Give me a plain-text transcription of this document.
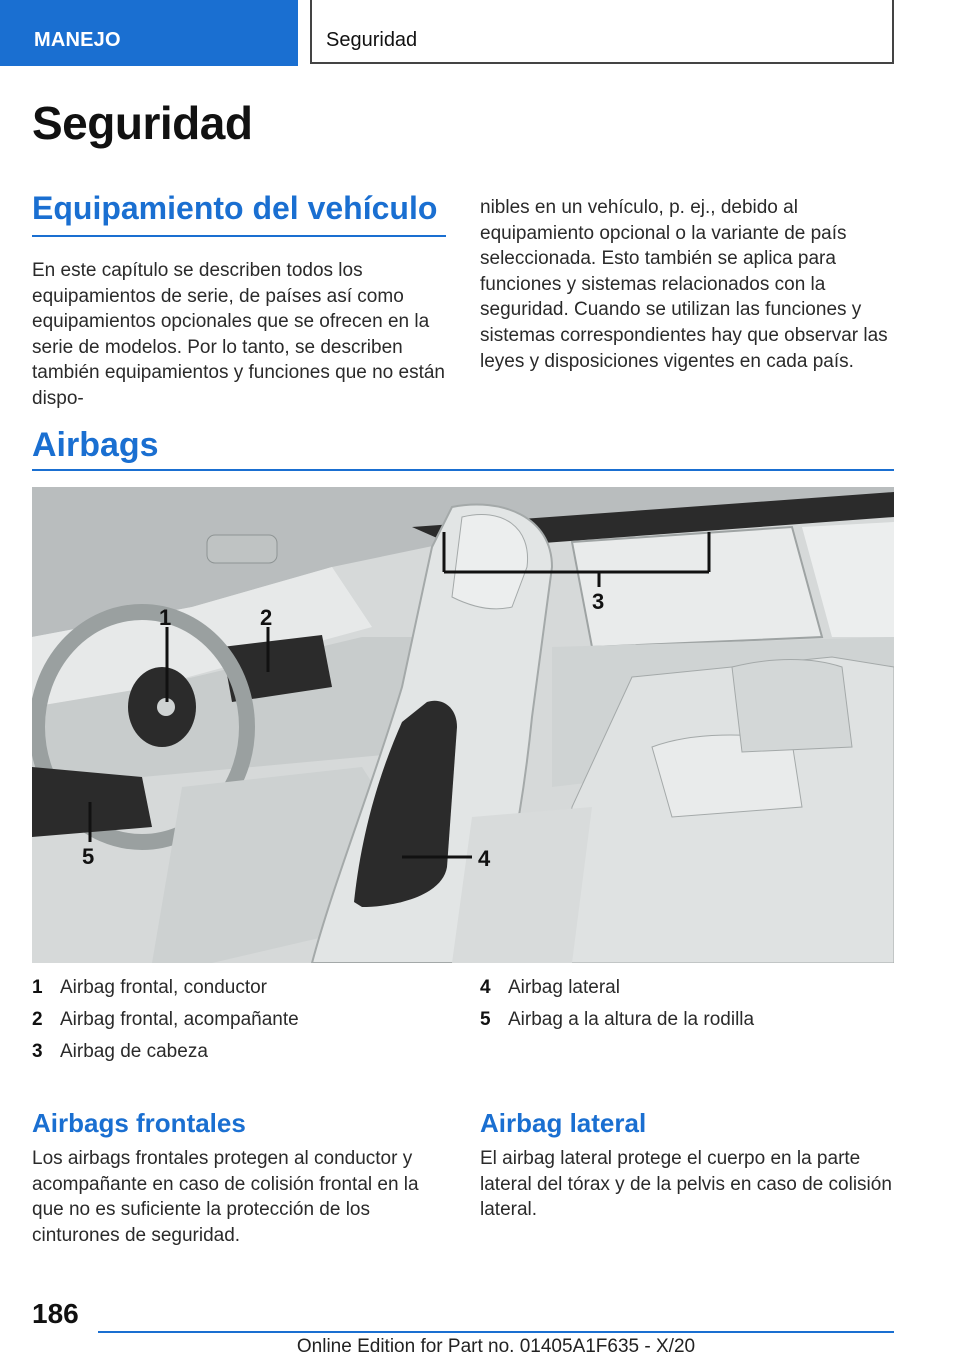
MANEJO	Seguridad
Seguridad
Equipamiento del vehículo

En este capítulo se describen todos los equipamientos de serie, de países así como equipamientos opcionales que se ofrecen en la serie de modelos. Por lo tanto, se describen también equipamientos y funciones que no están dispo-

nibles en un vehículo, p. ej., debido al equipamiento opcional o la variante de país seleccionada. Esto también se aplica para funciones y sistemas relacionados con la seguridad. Cuando se utilizan las funciones y sistemas correspondientes hay que observar las leyes y disposiciones vigentes en cada país.

Airbags
1	2
3
4
5
1 Airbag frontal, conductor
2 Airbag frontal, acompañante
3 Airbag de cabeza
4 Airbag lateral
5 Airbag a la altura de la rodilla
Airbags frontales

Los airbags frontales protegen al conductor y acompañante en caso de colisión frontal en la que no es suficiente la protección de los cinturones de seguridad.

Airbag lateral

El airbag lateral protege el cuerpo en la parte lateral del tórax y de la pelvis en caso de colisión lateral.

186
Online Edition for Part no. 01405A1F635 - X/20
